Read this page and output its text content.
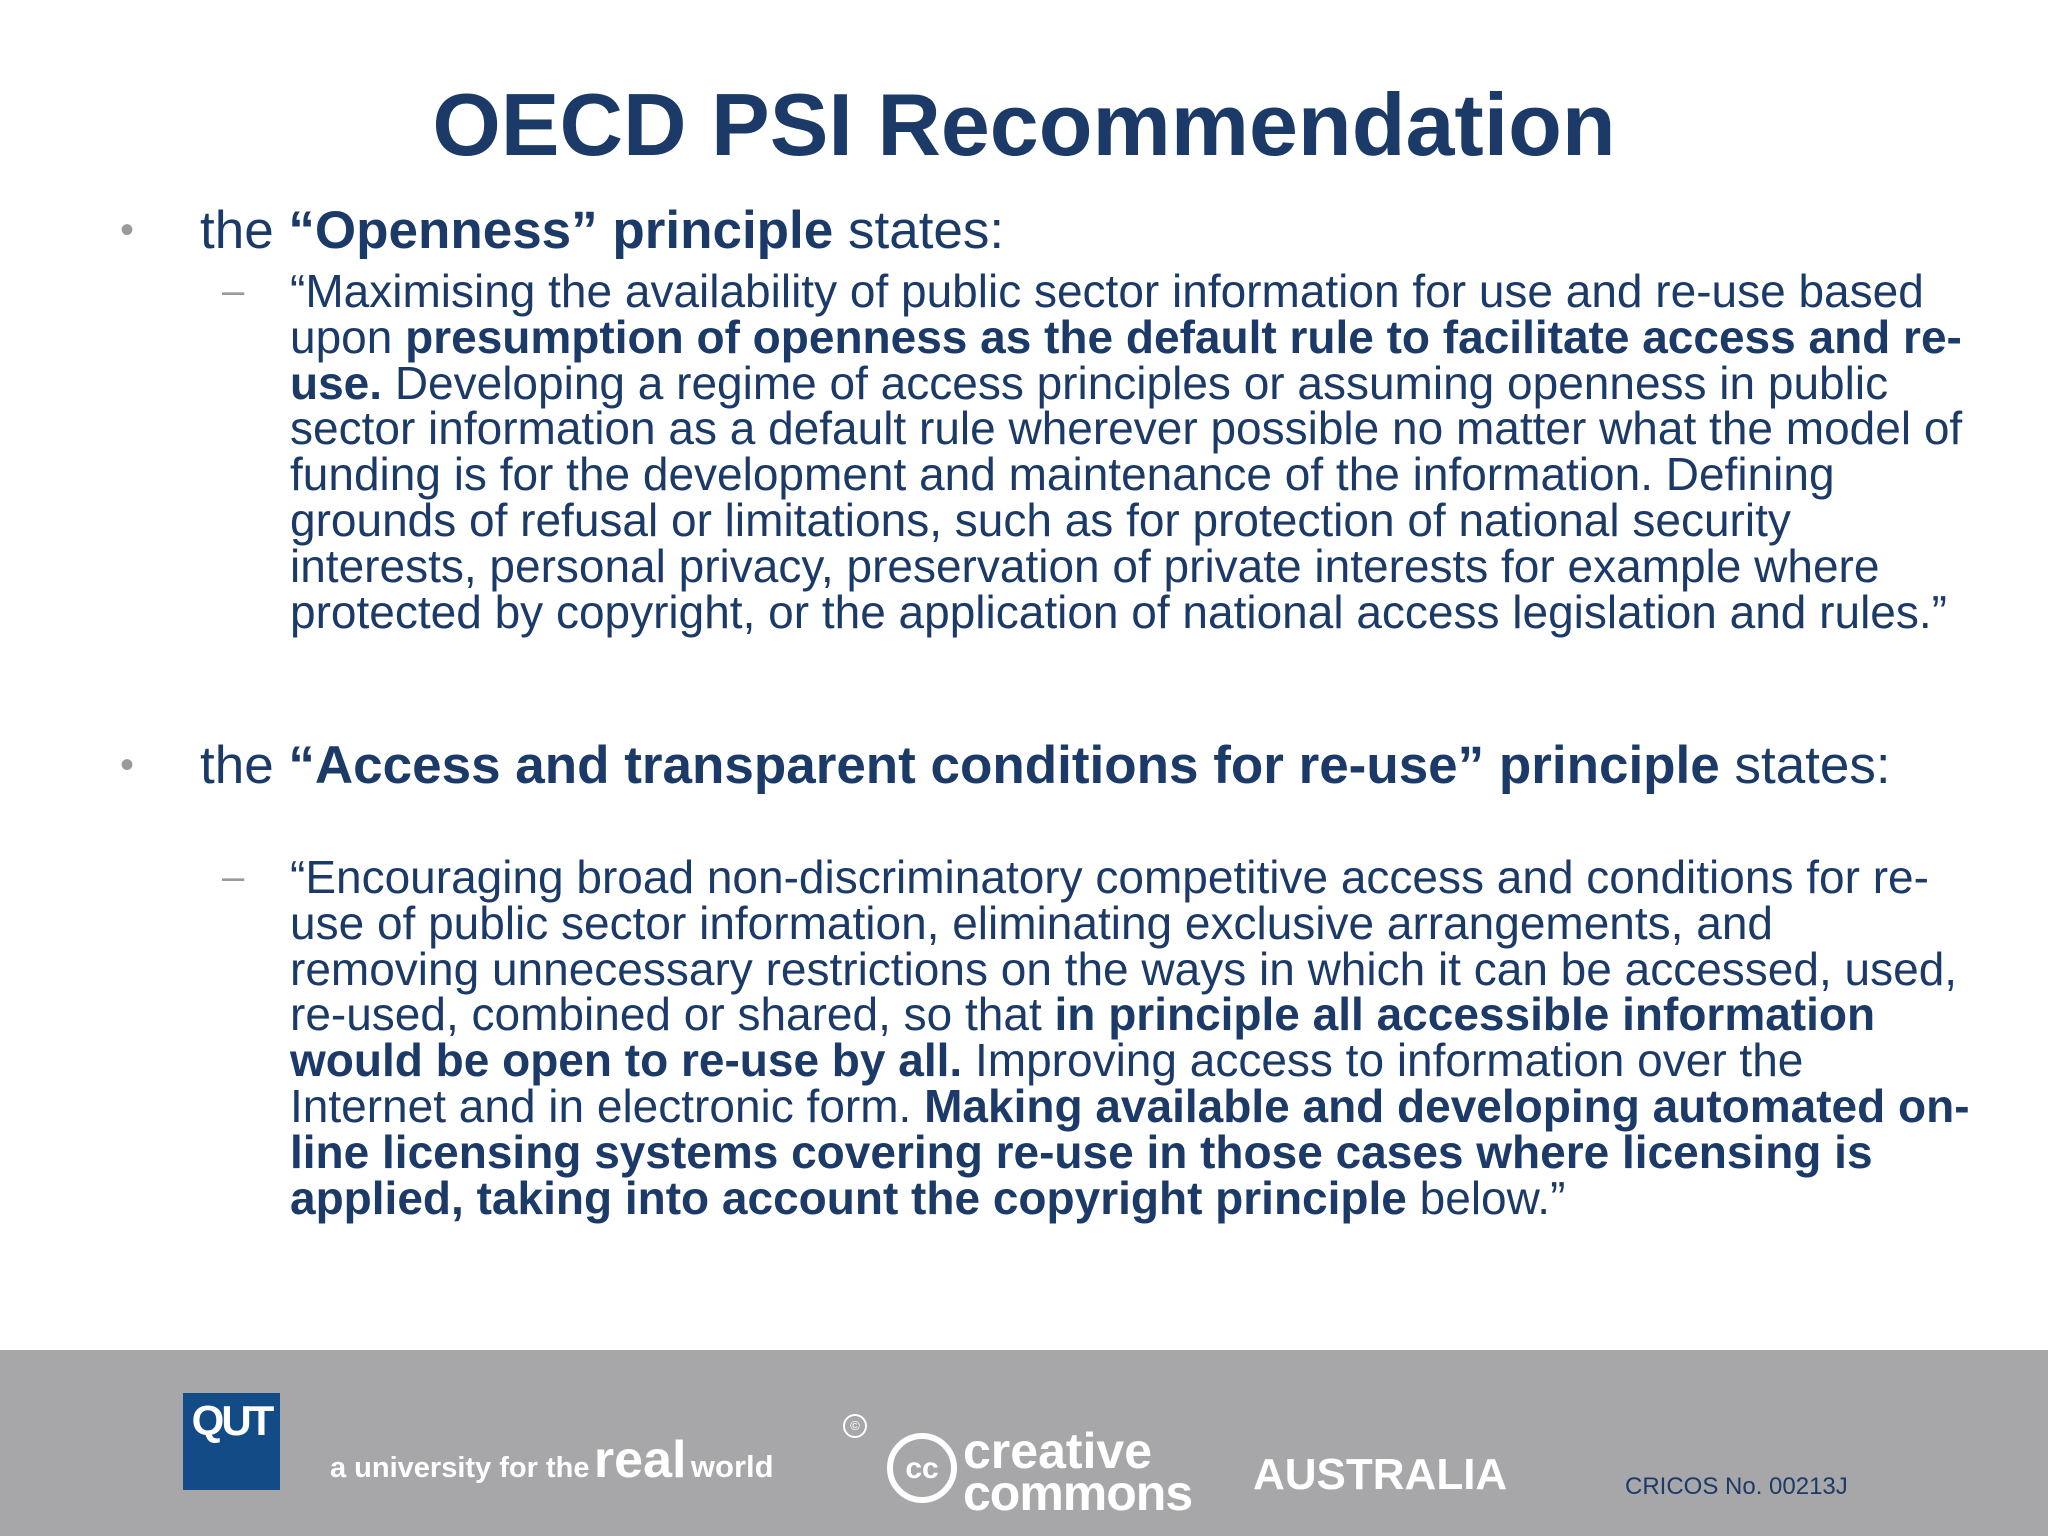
OECD PSI Recommendation
• the “Openness” principle states:
– “Maximising the availability of public sector information for use and re-use based upon presumption of openness as the default rule to facilitate access and re-use. Developing a regime of access principles or assuming openness in public sector information as a default rule wherever possible no matter what the model of funding is for the development and maintenance of the information. Defining grounds of refusal or limitations, such as for protection of national security interests, personal privacy, preservation of private interests for example where protected by copyright, or the application of national access legislation and rules.”
• the “Access and transparent conditions for re-use” principle states:
– “Encouraging broad non-discriminatory competitive access and conditions for re-use of public sector information, eliminating exclusive arrangements, and removing unnecessary restrictions on the ways in which it can be accessed, used, re-used, combined or shared, so that in principle all accessible information would be open to re-use by all. Improving access to information over the Internet and in electronic form. Making available and developing automated on-line licensing systems covering re-use in those cases where licensing is applied, taking into account the copyright principle below.”
QUT
a university for the real world
©
cc creative
commons AUSTRALIA	CRICOS No. 00213J
